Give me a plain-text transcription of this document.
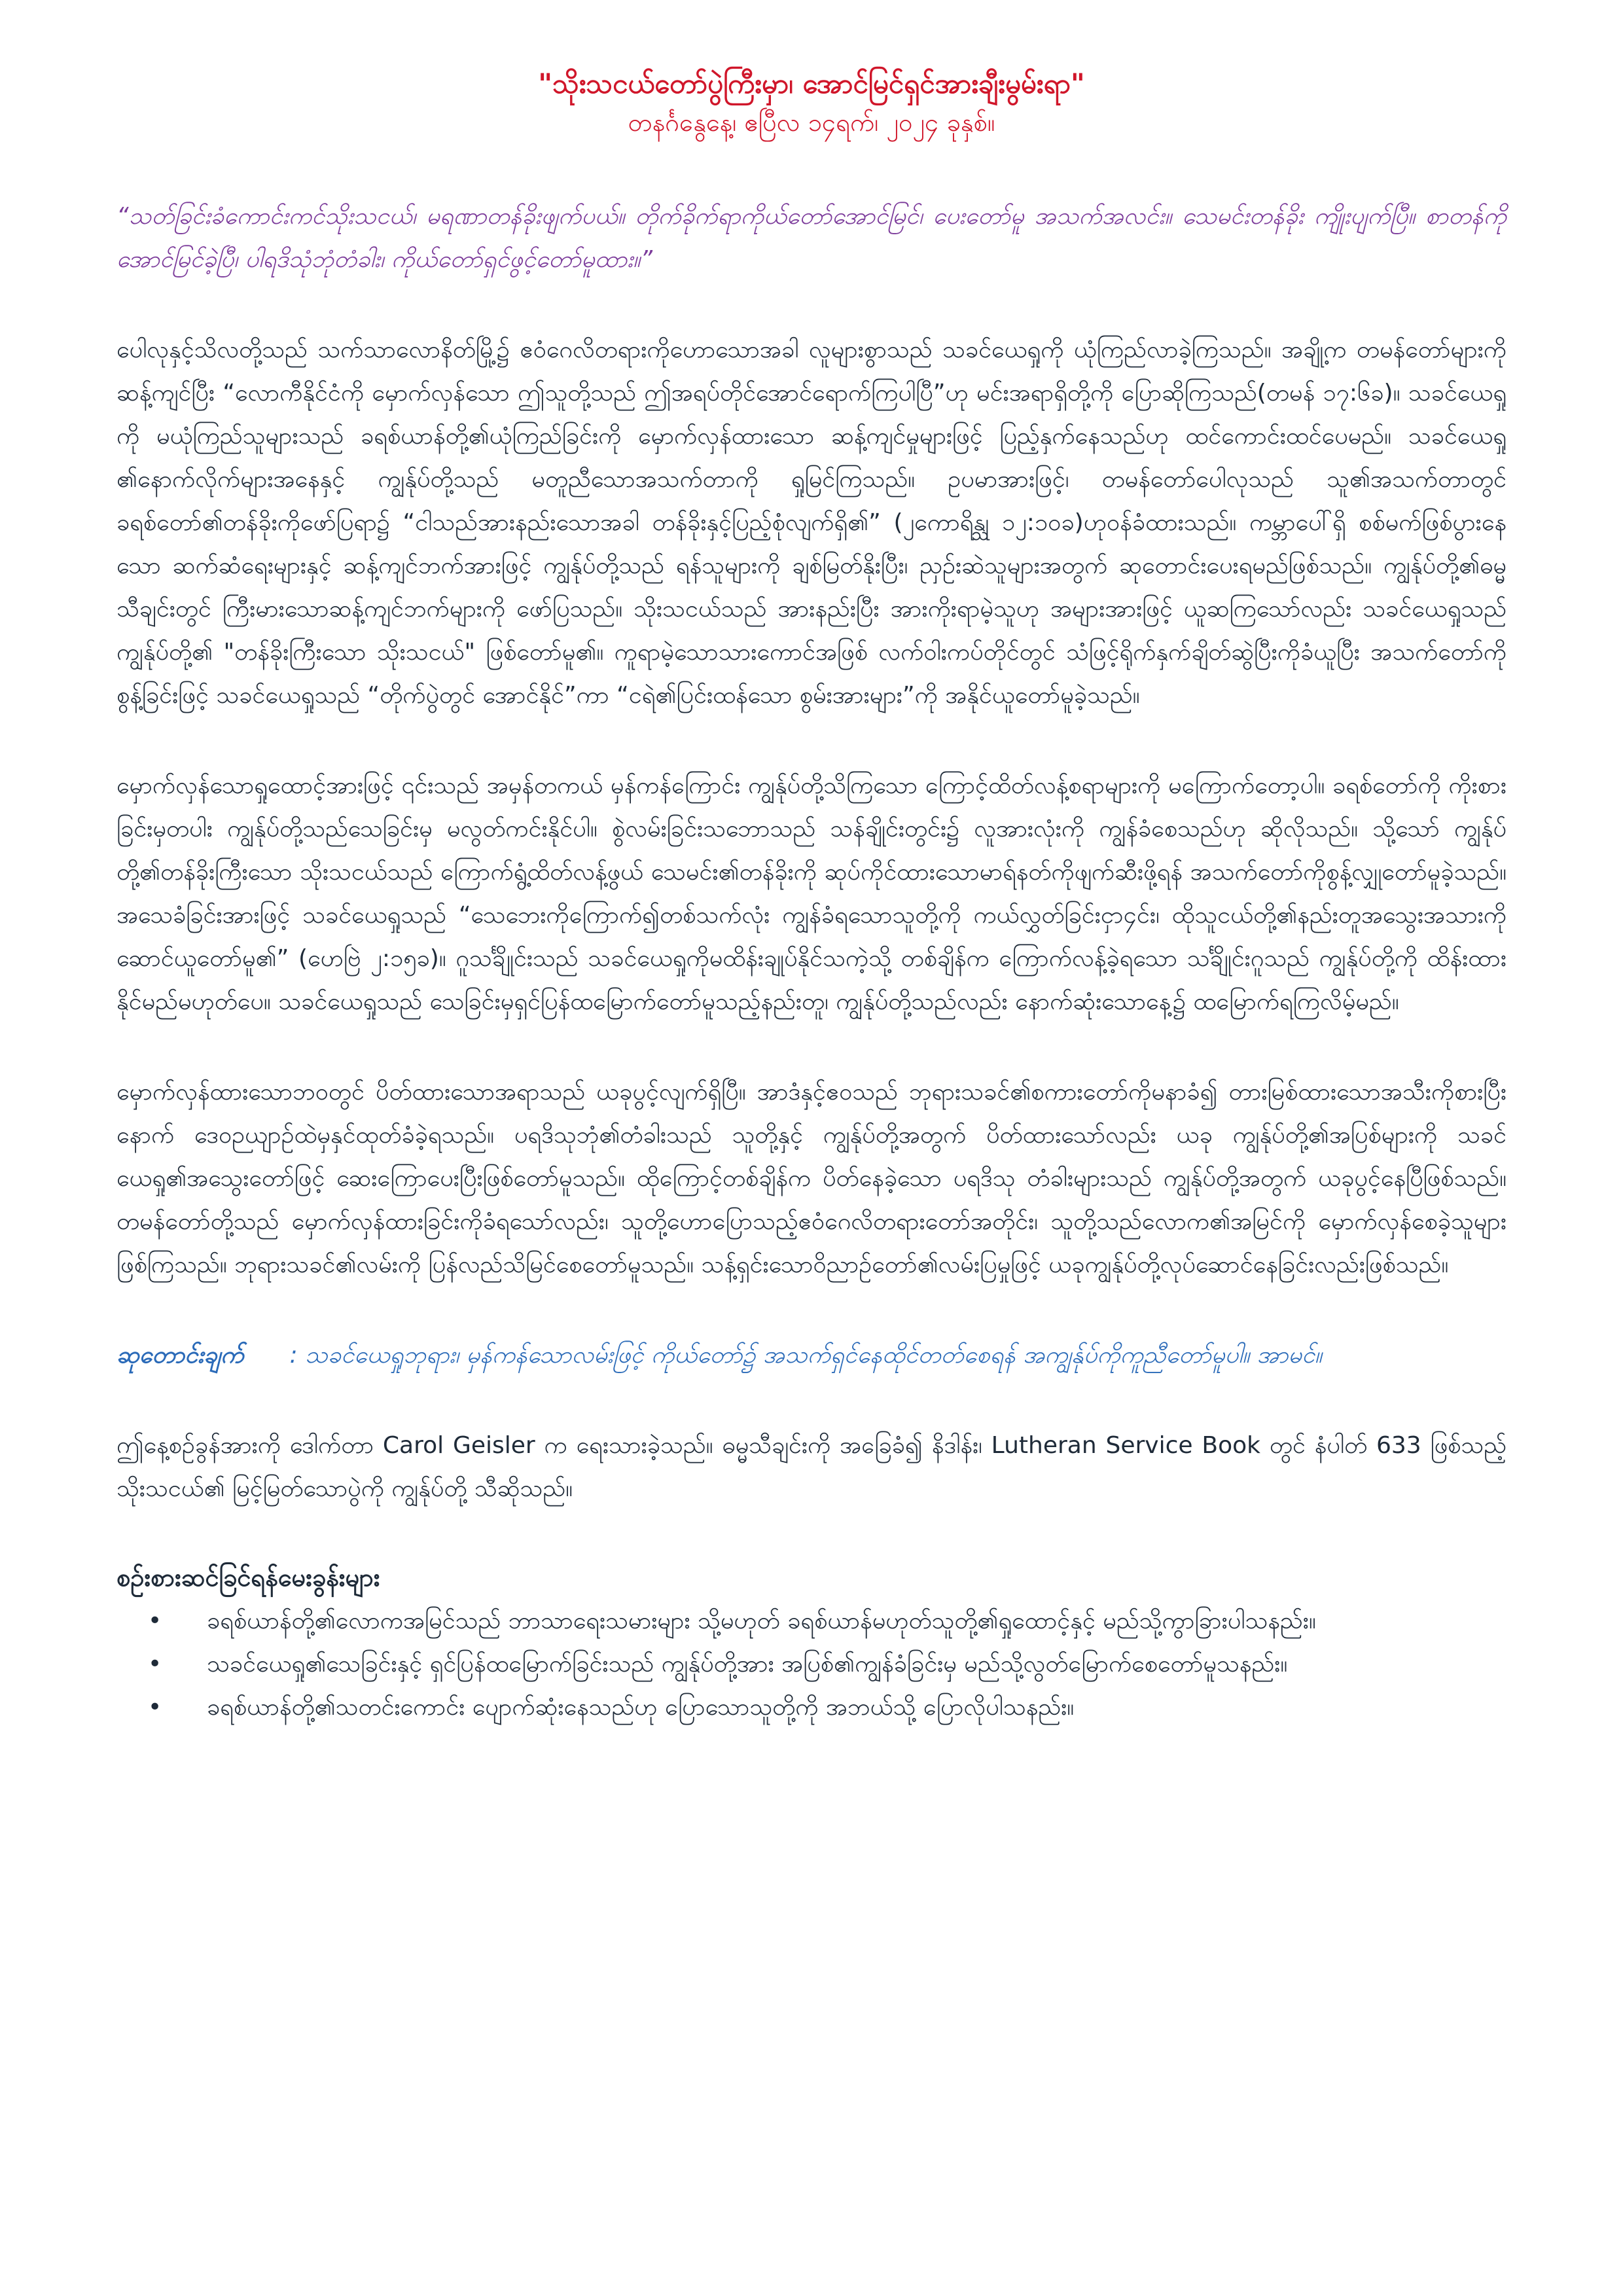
"သိုးသငယ်တော်ပွဲကြီးမှာ၊ အောင်မြင်ရှင်အားချီးမွမ်းရာ"

တနင်္ဂနွေနေ့၊ ဧပြီလ ၁၄ရက်၊ ၂၀၂၄ ခုနှစ်။

“သတ်ခြင်းခံကောင်းကင်သိုးသငယ်၊ မရဏာတန်ခိုးဖျက်ပယ်။ တိုက်ခိုက်ရာကိုယ်တော်အောင်မြင်၊ ပေးတော်မူ အသက်အလင်း။ သေမင်းတန်ခိုး ကျိုးပျက်ပြီ။ စာတန်ကိုအောင်မြင်ခဲ့ပြီ၊ ပါရဒိသုံဘုံတံခါး၊ ကိုယ်တော်ရှင်ဖွင့်တော်မူထား။”

ပေါလုနှင့်သိလတို့သည် သက်သာလောနိတ်မြို့၌ ဧဝံဂေလိတရားကိုဟောသောအခါ လူများစွာသည် သခင်ယေရှုကို ယုံကြည်လာခဲ့ကြသည်။ အချို့က တမန်တော်များကို ဆန့်ကျင်ပြီး “လောကီနိုင်ငံကို မှောက်လှန်သော ဤသူတို့သည် ဤအရပ်တိုင်အောင်ရောက်ကြပါပြီ”ဟု မင်းအရာရှိတို့ကို ပြောဆိုကြသည်(တမန် ၁၇:၆ခ)။ သခင်ယေရှုကို မယုံကြည်သူများသည် ခရစ်ယာန်တို့၏ယုံကြည်ခြင်းကို မှောက်လှန်ထားသော ဆန့်ကျင်မှုများဖြင့် ပြည့်နှက်နေသည်ဟု ထင်ကောင်းထင်ပေမည်။ သခင်ယေရှု ၏နောက်လိုက်များအနေနှင့် ကျွန်ုပ်တို့သည် မတူညီသောအသက်တာကို ရှုမြင်ကြသည်။ ဥပမာအားဖြင့်၊ တမန်တော်ပေါလုသည် သူ၏အသက်တာတွင် ခရစ်တော်၏တန်ခိုးကိုဖော်ပြရာ၌ “ငါသည်အားနည်းသောအခါ တန်ခိုးနှင့်ပြည့်စုံလျက်ရှိ၏” (၂ကောရိန္သု ၁၂:၁၀ခ)ဟုဝန်ခံထားသည်။ ကမ္ဘာပေါ်ရှိ စစ်မက်ဖြစ်ပွားနေသော ဆက်ဆံရေးများနှင့် ဆန့်ကျင်ဘက်အားဖြင့် ကျွန်ုပ်တို့သည် ရန်သူများကို ချစ်မြတ်နိုးပြီး၊ ညှဉ်းဆဲသူများအတွက် ဆုတောင်းပေးရမည်ဖြစ်သည်။ ကျွန်ုပ်တို့၏ဓမ္မသီချင်းတွင် ကြီးမားသောဆန့်ကျင်ဘက်များကို ဖော်ပြသည်။ သိုးသငယ်သည် အားနည်းပြီး အားကိုးရာမဲ့သူဟု အများအားဖြင့် ယူဆကြသော်လည်း သခင်ယေရှုသည် ကျွန်ုပ်တို့၏ "တန်ခိုးကြီးသော သိုးသငယ်" ဖြစ်တော်မူ၏။ ကူရာမဲ့သောသားကောင်အဖြစ် လက်ဝါးကပ်တိုင်တွင် သံဖြင့်ရိုက်နှက်ချိတ်ဆွဲပြီးကိုခံယူပြီး အသက်တော်ကိုစွန့်ခြင်းဖြင့် သခင်ယေရှုသည် “တိုက်ပွဲတွင် အောင်နိုင်”ကာ “ငရဲ၏ပြင်းထန်သော စွမ်းအားများ”ကို အနိုင်ယူတော်မူခဲ့သည်။

မှောက်လှန်သောရှုထောင့်အားဖြင့် ၎င်းသည် အမှန်တကယ် မှန်ကန်ကြောင်း ကျွန်ုပ်တို့သိကြသော ကြောင့်ထိတ်လန့်စရာများကို မကြောက်တော့ပါ။ ခရစ်တော်ကို ကိုးစားခြင်းမှတပါး ကျွန်ုပ်တို့သည်သေခြင်းမှ မလွတ်ကင်းနိုင်ပါ။ စွဲလမ်းခြင်းသဘောသည် သန်ချိုင်းတွင်း၌ လူအားလုံးကို ကျွန်ခံစေသည်ဟု ဆိုလိုသည်။ သို့သော် ကျွန်ုပ်တို့၏တန်ခိုးကြီးသော သိုးသငယ်သည် ကြောက်ရွံ့ထိတ်လန့်ဖွယ် သေမင်း၏တန်ခိုးကို ဆုပ်ကိုင်ထားသောမာရ်နတ်ကိုဖျက်ဆီးဖို့ရန် အသက်တော်ကိုစွန့်လျှုတော်မူခဲ့သည်။ အသေခံခြင်းအားဖြင့် သခင်ယေရှုသည် “သေဘေးကိုကြောက်၍တစ်သက်လုံး ကျွန်ခံရသောသူတို့ကို ကယ်လွှတ်ခြင်းငှာ၄င်း၊ ထိုသူငယ်တို့၏နည်းတူအသွေးအသားကိုဆောင်ယူတော်မူ၏” (ဟေဗြဲ ၂:၁၅ခ)။ ဂူသင်္ချိုင်းသည် သခင်ယေရှုကိုမထိန်းချုပ်နိုင်သကဲ့သို့ တစ်ချိန်က ကြောက်လန့်ခဲ့ရသော သင်္ချိုင်းဂူသည် ကျွန်ုပ်တို့ကို ထိန်းထားနိုင်မည်မဟုတ်ပေ။ သခင်ယေရှုသည် သေခြင်းမှရှင်ပြန်ထမြောက်တော်မူသည့်နည်းတူ၊ ကျွန်ုပ်တို့သည်လည်း နောက်ဆုံးသောနေ့၌ ထမြောက်ရကြလိမ့်မည်။

မှောက်လှန်ထားသောဘဝတွင် ပိတ်ထားသောအရာသည် ယခုပွင့်လျက်ရှိပြီ။ အာဒံနှင့်ဧဝသည် ဘုရားသခင်၏စကားတော်ကိုမနာခံ၍ တားမြစ်ထားသောအသီးကိုစားပြီးနောက် ဒေဝဉယျာဉ်ထဲမှနှင်ထုတ်ခံခဲ့ရသည်။ ပရဒိသုဘုံ၏တံခါးသည် သူတို့နှင့် ကျွန်ုပ်တို့အတွက် ပိတ်ထားသော်လည်း ယခု ကျွန်ုပ်တို့၏အပြစ်များကို သခင်ယေရှု၏အသွေးတော်ဖြင့် ဆေးကြောပေးပြီးဖြစ်တော်မူသည်။ ထိုကြောင့်တစ်ချိန်က ပိတ်နေခဲ့သော ပရဒိသု တံခါးများသည် ကျွန်ုပ်တို့အတွက် ယခုပွင့်နေပြီဖြစ်သည်။ တမန်တော်တို့သည် မှောက်လှန်ထားခြင်းကိုခံရသော်လည်း၊ သူတို့ဟောပြောသည့်ဧဝံဂေလိတရားတော်အတိုင်း၊ သူတို့သည်လောက၏အမြင်ကို မှောက်လှန်စေခဲ့သူများဖြစ်ကြသည်။ ဘုရားသခင်၏လမ်းကို ပြန်လည်သိမြင်စေတော်မူသည်။ သန့်ရှင်းသောဝိညာဉ်တော်၏လမ်းပြမှုဖြင့် ယခုကျွန်ုပ်တို့လုပ်ဆောင်နေခြင်းလည်းဖြစ်သည်။

ဆုတောင်းချက် : သခင်ယေရှုဘုရား၊ မှန်ကန်သောလမ်းဖြင့် ကိုယ်တော်၌ အသက်ရှင်နေထိုင်တတ်စေရန် အကျွန်ုပ်ကိုကူညီတော်မူပါ။ အာမင်။

ဤနေ့စဉ်ခွန်အားကို ဒေါက်တာ Carol Geisler က ရေးသားခဲ့သည်။ ဓမ္မသီချင်းကို အခြေခံ၍ နိဒါန်း၊ Lutheran Service Book တွင် နံပါတ် 633 ဖြစ်သည့် သိုးသငယ်၏ မြင့်မြတ်သောပွဲကို ကျွန်ုပ်တို့ သီဆိုသည်။

စဉ်းစားဆင်ခြင်ရန်မေးခွန်းများ

• ခရစ်ယာန်တို့၏လောကအမြင်သည် ဘာသာရေးသမားများ သို့မဟုတ် ခရစ်ယာန်မဟုတ်သူတို့၏ရှုထောင့်နှင့် မည်သို့ကွာခြားပါသနည်း။
• သခင်ယေရှု၏သေခြင်းနှင့် ရှင်ပြန်ထမြောက်ခြင်းသည် ကျွန်ုပ်တို့အား အပြစ်၏ကျွန်ခံခြင်းမှ မည်သို့လွတ်မြောက်စေတော်မူသနည်း။
• ခရစ်ယာန်တို့၏သတင်းကောင်း ပျောက်ဆုံးနေသည်ဟု ပြောသောသူတို့ကို အဘယ်သို့ ပြောလိုပါသနည်း။
